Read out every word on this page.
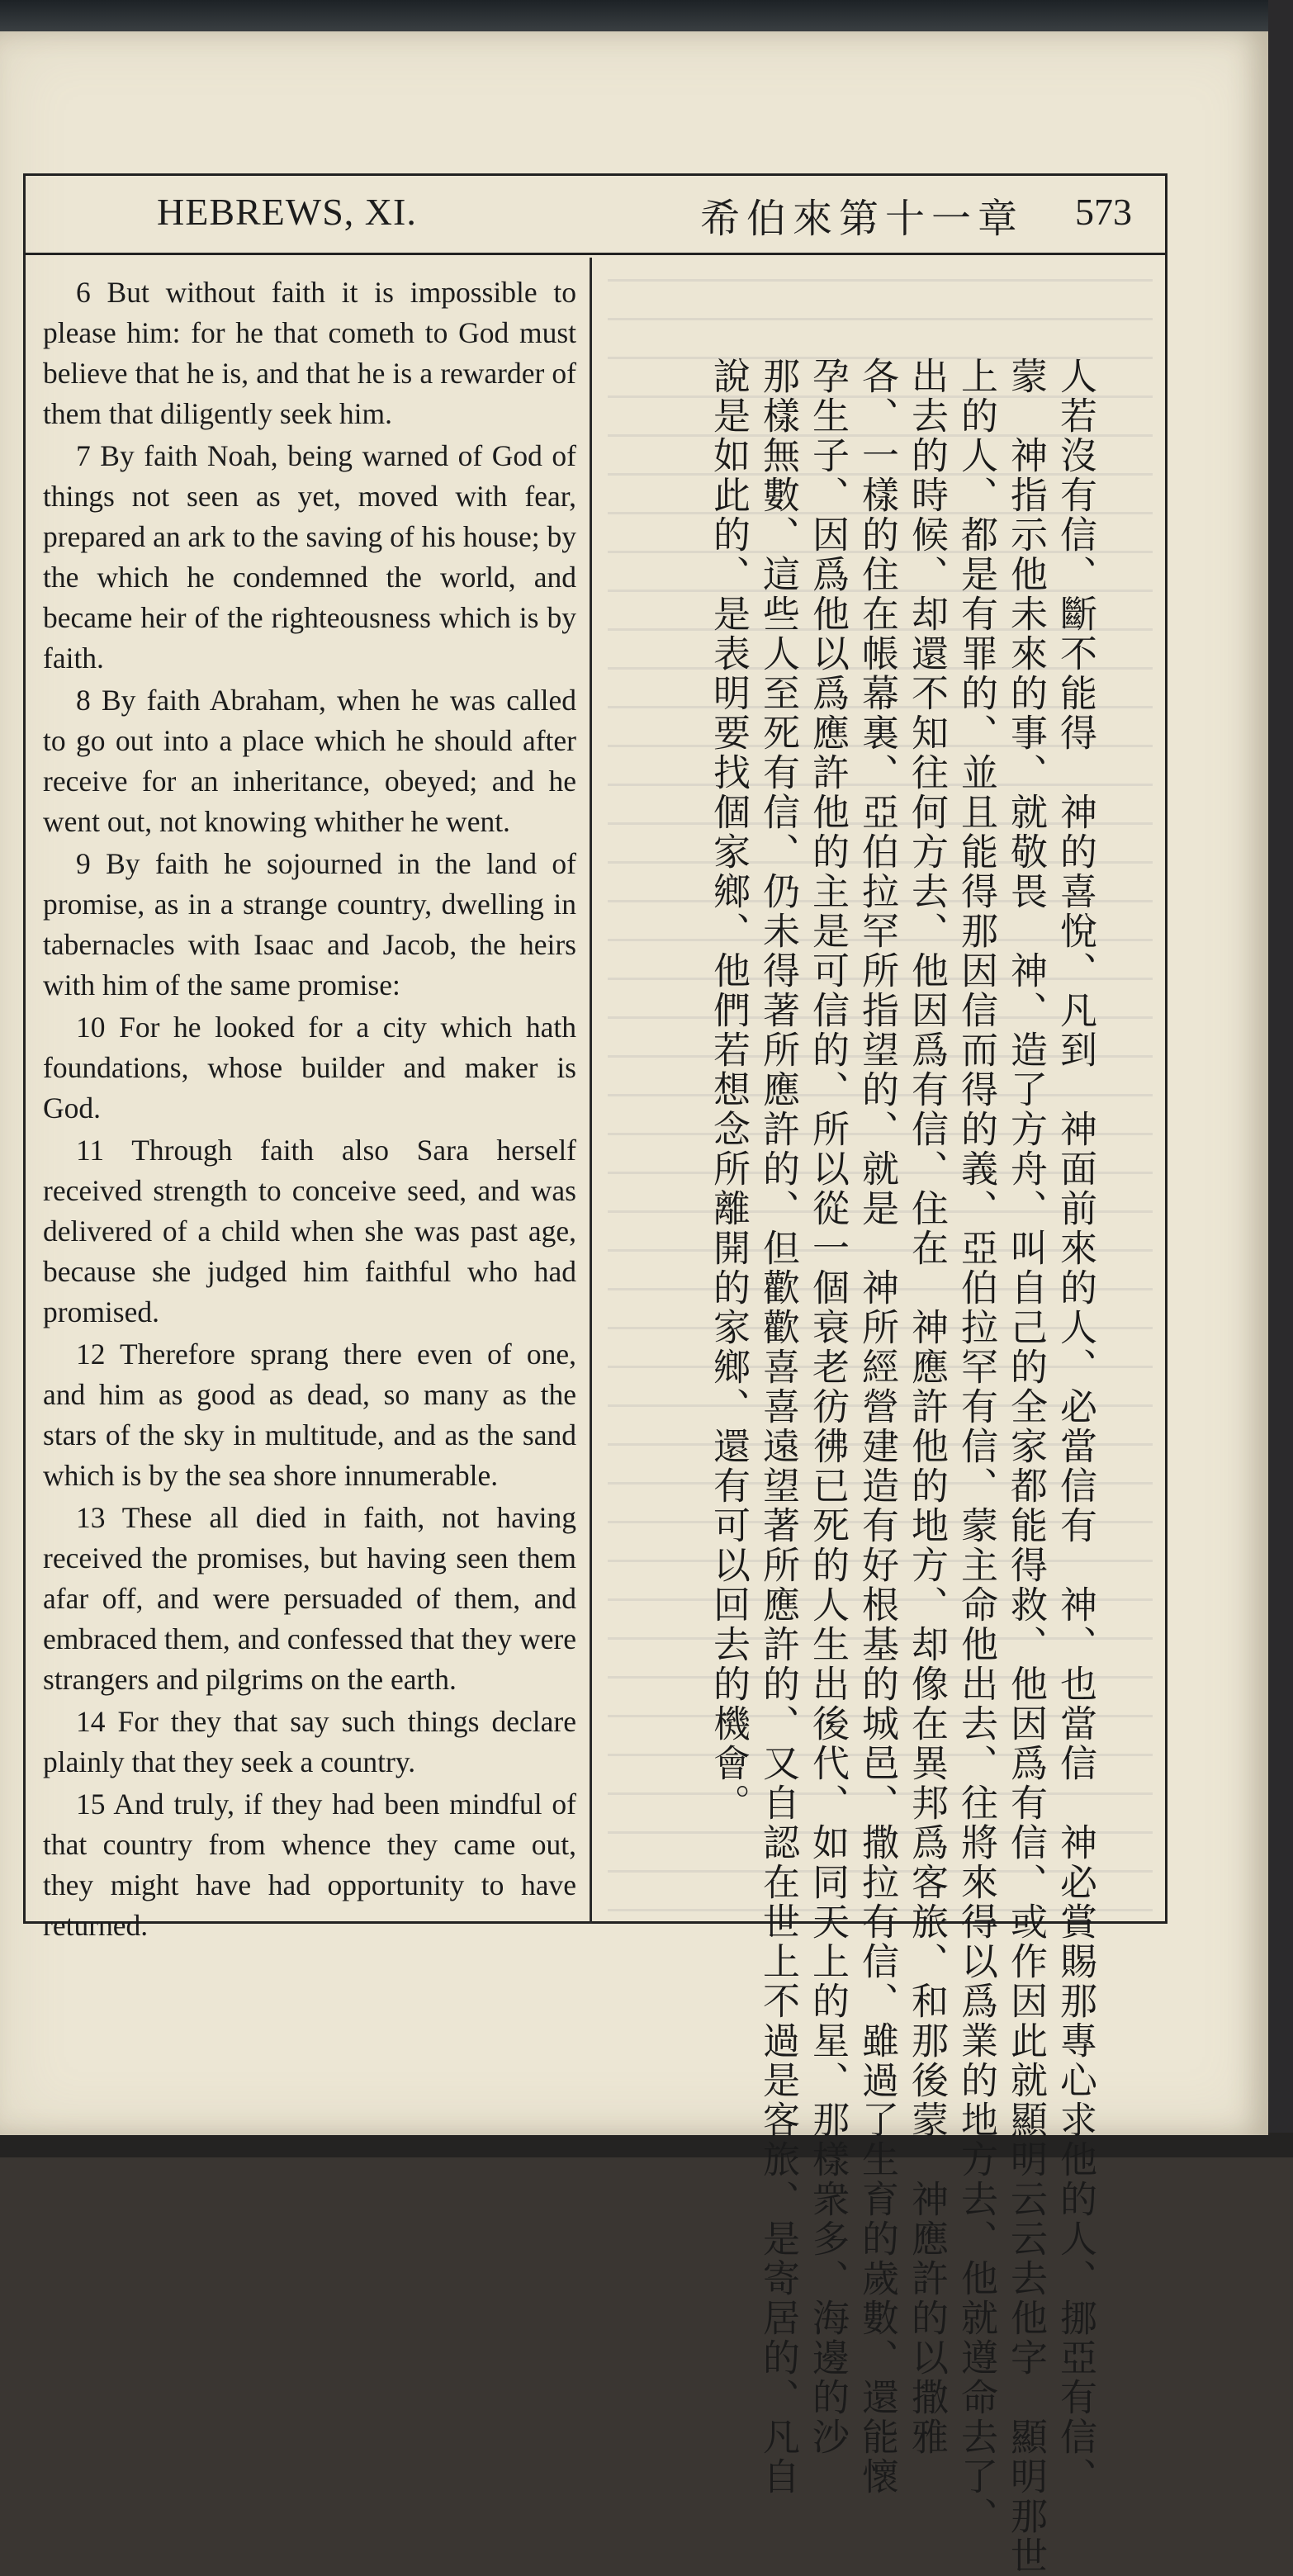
HEBREWS, XI.	希伯來第十一章 573

6 But without faith it is impossible to please him: for he that cometh to God must believe that he is, and that he is a rewarder of them that diligently seek him.

7 By faith Noah, being warned of God of things not seen as yet, moved with fear, prepared an ark to the saving of his house; by the which he condemned the world, and became heir of the righteousness which is by faith.

8 By faith Abraham, when he was called to go out into a place which he should after receive for an inheritance, obeyed; and he went out, not knowing whither he went.

9 By faith he sojourned in the land of promise, as in a strange country, dwelling in tabernacles with Isaac and Jacob, the heirs with him of the same promise:

10 For he looked for a city which hath foundations, whose builder and maker is God.

11 Through faith also Sara herself received strength to conceive seed, and was delivered of a child when she was past age, because she judged him faithful who had promised.

12 Therefore sprang there even of one, and him as good as dead, so many as the stars of the sky in multitude, and as the sand which is by the sea shore innumerable.

13 These all died in faith, not having received the promises, but having seen them afar off, and were persuaded of them, and embraced them, and confessed that they were strangers and pilgrims on the earth.

14 For they that say such things declare plainly that they seek a country.

15 And truly, if they had been mindful of that country from whence they came out, they might have had opportunity to have returned.	人若沒有信、斷不能得　神的喜悅、凡到　神面前來的人、必當信有　神、也當信　神必賞賜那專心求他的人、挪亞有信、
蒙　神指示他未來的事、就敬畏　神、造了方舟、叫自己的全家都能得救、他因爲有信、或作因此就顯明云云去他字　顯明那世
上的人、都是有罪的、並且能得那因信而得的義、亞伯拉罕有信、蒙主命他出去、往將來得以爲業的地方去、他就遵命去了、
出去的時候、却還不知往何方去、他因爲有信、住在　神應許他的地方、却像在異邦爲客旅、和那後蒙　神應許的以撒雅
各、一樣的住在帳幕裏、亞伯拉罕所指望的、就是　神所經營建造有好根基的城邑、撒拉有信、雖過了生育的歲數、還能懷
孕生子、因爲他以爲應許他的主是可信的、所以從一個衰老彷彿已死的人生出後代、如同天上的星、那樣衆多、海邊的沙
那樣無數、這些人至死有信、仍未得著所應許的、但歡歡喜喜遠望著所應許的、又自認在世上不過是客旅、是寄居的、凡自
說是如此的、是表明要找個家鄉、他們若想念所離開的家鄉、還有可以回去的機會。
